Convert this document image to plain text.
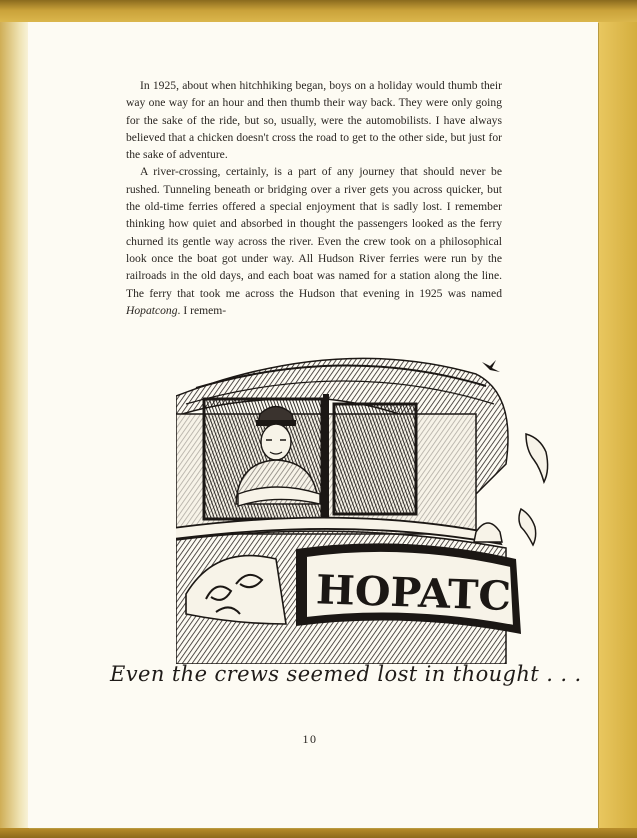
In 1925, about when hitchhiking began, boys on a holiday would thumb their way one way for an hour and then thumb their way back. They were only going for the sake of the ride, but so, usually, were the automobilists. I have always believed that a chicken doesn't cross the road to get to the other side, but just for the sake of adventure.

A river-crossing, certainly, is a part of any journey that should never be rushed. Tunneling beneath or bridging over a river gets you across quicker, but the old-time ferries offered a special enjoyment that is sadly lost. I remember thinking how quiet and absorbed in thought the passengers looked as the ferry churned its gentle way across the river. Even the crew took on a philosophical look once the boat got under way. All Hudson River ferries were run by the railroads in the old days, and each boat was named for a station along the line. The ferry that took me across the Hudson that evening in 1925 was named Hopatcong. I remem-

HOPATC
Even the crews seemed lost in thought . . .
10
